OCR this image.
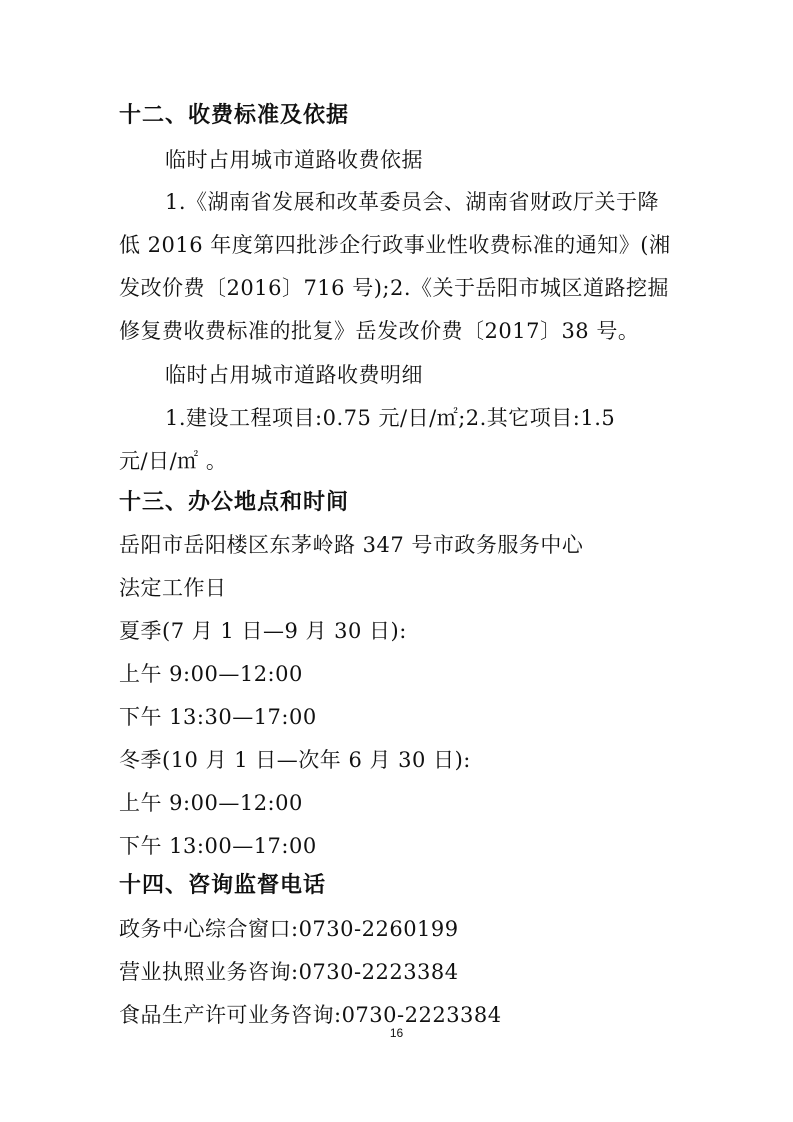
十二、收费标准及依据
临时占用城市道路收费依据
1.《湖南省发展和改革委员会、湖南省财政厅关于降
低 2016 年度第四批涉企行政事业性收费标准的通知》(湘
发改价费〔2016〕716 号);2.《关于岳阳市城区道路挖掘
修复费收费标准的批复》岳发改价费〔2017〕38 号。
临时占用城市道路收费明细
1.建设工程项目:0.75 元/日/㎡;2.其它项目:1.5
元/日/㎡ 。
十三、办公地点和时间
岳阳市岳阳楼区东茅岭路 347 号市政务服务中心
法定工作日
夏季(7 月 1 日—9 月 30 日):
上午 9:00—12:00
下午 13:30—17:00
冬季(10 月 1 日—次年 6 月 30 日):
上午 9:00—12:00
下午 13:00—17:00
十四、咨询监督电话
政务中心综合窗口:0730-2260199
营业执照业务咨询:0730-2223384
食品生产许可业务咨询:0730-2223384
16
